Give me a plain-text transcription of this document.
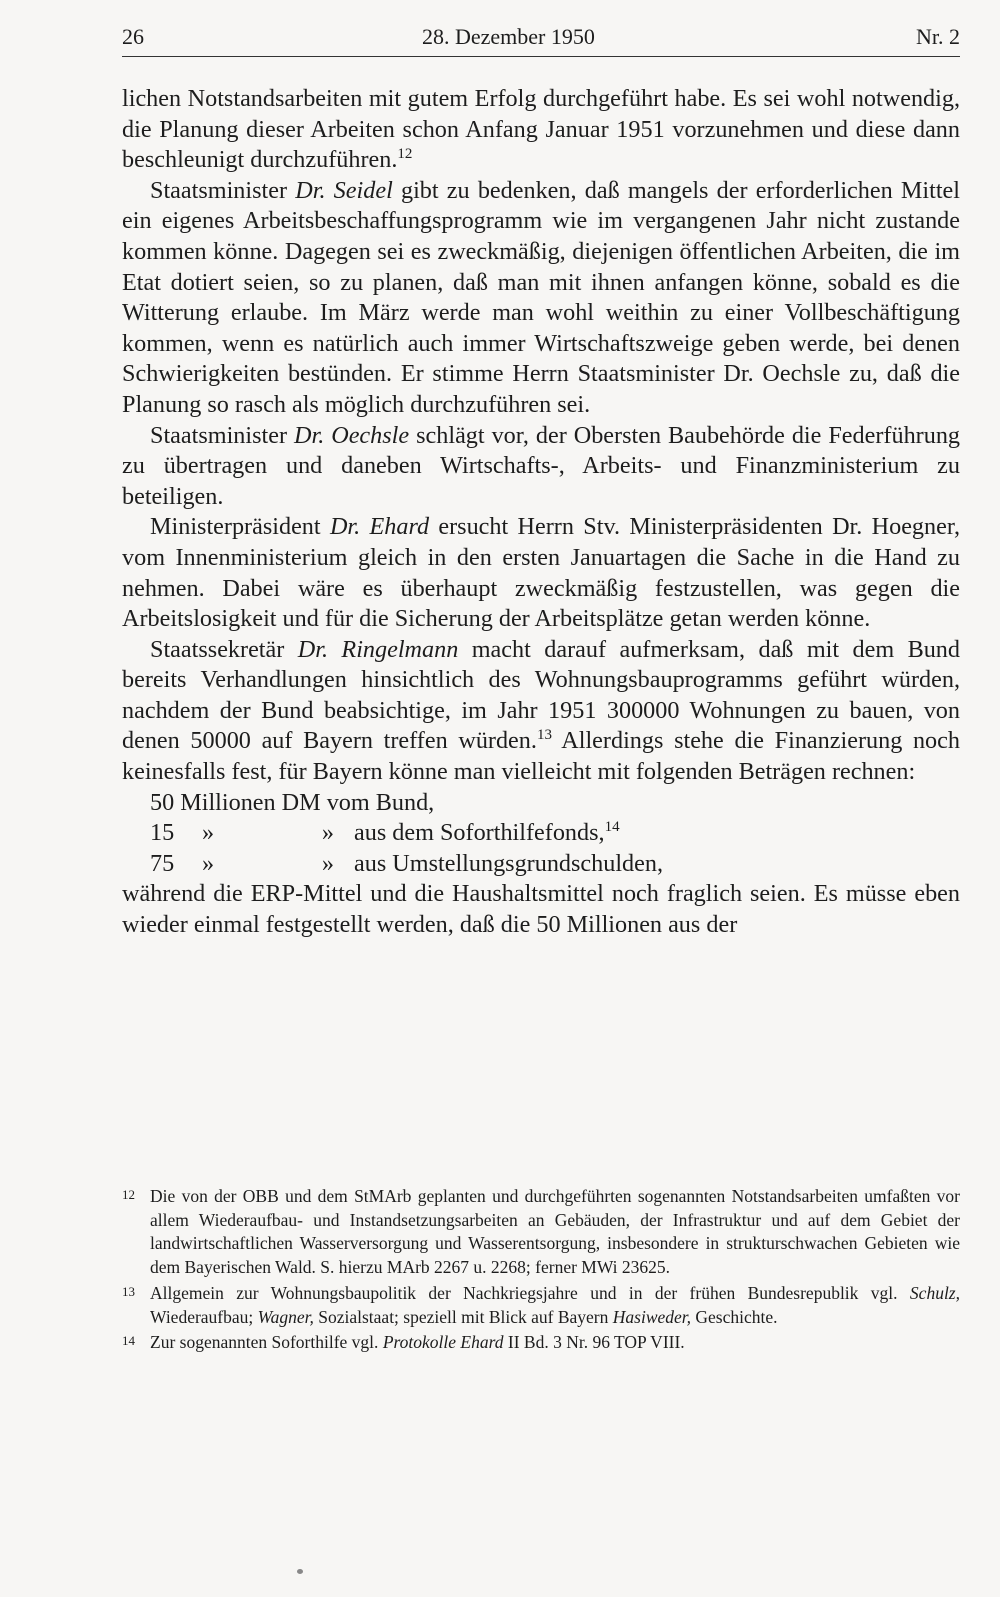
26	28. Dezember 1950	Nr. 2

lichen Notstandsarbeiten mit gutem Erfolg durchgeführt habe. Es sei wohl notwendig, die Planung dieser Arbeiten schon Anfang Januar 1951 vorzunehmen und diese dann beschleunigt durchzuführen.$^{12}$

Staatsminister Dr. Seidel gibt zu bedenken, daß mangels der erforderlichen Mittel ein eigenes Arbeitsbeschaffungsprogramm wie im vergangenen Jahr nicht zustande kommen könne. Dagegen sei es zweckmäßig, diejenigen öffentlichen Arbeiten, die im Etat dotiert seien, so zu planen, daß man mit ihnen anfangen könne, sobald es die Witterung erlaube. Im März werde man wohl weithin zu einer Vollbeschäftigung kommen, wenn es natürlich auch immer Wirtschaftszweige geben werde, bei denen Schwierigkeiten bestünden. Er stimme Herrn Staatsminister Dr. Oechsle zu, daß die Planung so rasch als möglich durchzuführen sei.

Staatsminister Dr. Oechsle schlägt vor, der Obersten Baubehörde die Federführung zu übertragen und daneben Wirtschafts-, Arbeits- und Finanzministerium zu beteiligen.

Ministerpräsident Dr. Ehard ersucht Herrn Stv. Ministerpräsidenten Dr. Hoegner, vom Innenministerium gleich in den ersten Januartagen die Sache in die Hand zu nehmen. Dabei wäre es überhaupt zweckmäßig festzustellen, was gegen die Arbeitslosigkeit und für die Sicherung der Arbeitsplätze getan werden könne.

Staatssekretär Dr. Ringelmann macht darauf aufmerksam, daß mit dem Bund bereits Verhandlungen hinsichtlich des Wohnungsbauprogramms geführt würden, nachdem der Bund beabsichtige, im Jahr 1951 300000 Wohnungen zu bauen, von denen 50000 auf Bayern treffen würden.$^{13}$ Allerdings stehe die Finanzierung noch keinesfalls fest, für Bayern könne man vielleicht mit folgenden Beträgen rechnen:

50 Millionen DM vom Bund,

15	»	» aus dem Soforthilfefonds,$^{14}$
75	»	» aus Umstellungsgrundschulden,

während die ERP-Mittel und die Haushaltsmittel noch fraglich seien. Es müsse eben wieder einmal festgestellt werden, daß die 50 Millionen aus der

12 Die von der OBB und dem StMArb geplanten und durchgeführten sogenannten Notstandsarbeiten umfaßten vor allem Wiederaufbau- und Instandsetzungsarbeiten an Gebäuden, der Infrastruktur und auf dem Gebiet der landwirtschaftlichen Wasserversorgung und Wasserentsorgung, insbesondere in strukturschwachen Gebieten wie dem Bayerischen Wald. S. hierzu MArb 2267 u. 2268; ferner MWi 23625.
13 Allgemein zur Wohnungsbaupolitik der Nachkriegsjahre und in der frühen Bundesrepublik vgl. Schulz, Wiederaufbau; Wagner, Sozialstaat; speziell mit Blick auf Bayern Hasiweder, Geschichte.
14 Zur sogenannten Soforthilfe vgl. Protokolle Ehard II Bd. 3 Nr. 96 TOP VIII.
